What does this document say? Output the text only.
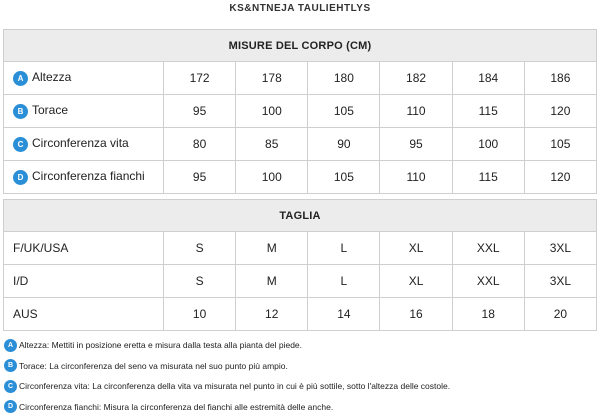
KS&NTNEJA TAULIEHTLYS
MISURE DEL CORPO (CM)						
A Altezza	172	178	180	182	184	186
B Torace	95	100	105	110	115	120
C Circonferenza vita	80	85	90	95	100	105
D Circonferenza fianchi	95	100	105	110	115	120

TAGLIA						
F/UK/USA	S	M	L	XL	XXL	3XL
I/D	S	M	L	XL	XXL	3XL
AUS	10	12	14	16	18	20
A Altezza: Mettiti in posizione eretta e misura dalla testa alla pianta del piede.
B Torace: La circonferenza del seno va misurata nel suo punto più ampio.
C Circonferenza vita: La circonferenza della vita va misurata nel punto in cui è più sottile, sotto l'altezza delle costole.
D Circonferenza fianchi: Misura la circonferenza del fianchi alle estremità delle anche.
